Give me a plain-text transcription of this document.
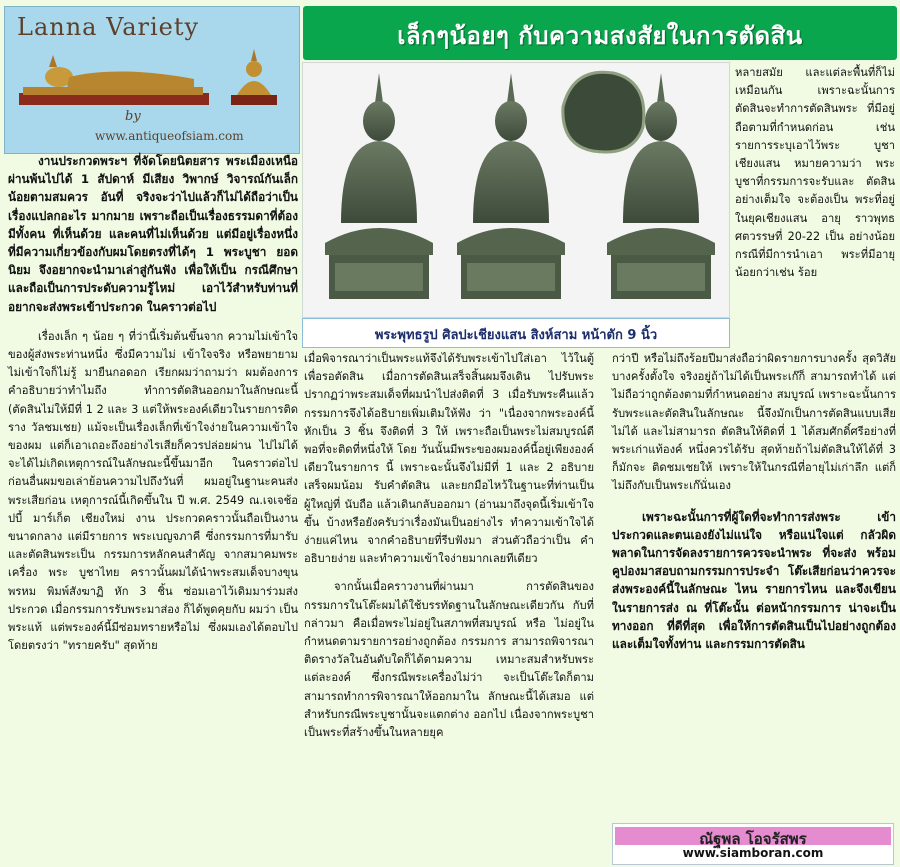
Lanna Variety
by
www.antiqueofsiam.com
เล็กๆน้อยๆ กับความสงสัยในการตัดสิน
พระพุทธรูป ศิลปะเชียงแสน สิงห์สาม หน้าตัก 9 นิ้ว

งานประกวดพระฯ ที่จัดโดยนิตยสาร พระเมืองเหนือผ่านพ้นไปได้ 1 สัปดาห์ มีเสียง วิพากษ์ วิจารณ์กันเล็กน้อยตามสมควร อันที่ จริงจะว่าไปแล้วก็ไม่ได้ถือว่าเป็นเรื่องแปลกอะไร มากมาย เพราะถือเป็นเรื่องธรรมดาที่ต้องมีทั้งคน ที่เห็นด้วย และคนที่ไม่เห็นด้วย แต่มีอยู่เรื่องหนึ่ง ที่มีความเกี่ยวข้องกับผมโดยตรงที่ได้ๆ 1 พระบูชา ยอดนิยม จึงอยากจะนำมาเล่าสู่กันฟัง เพื่อให้เป็น กรณีศึกษา และถือเป็นการประดับความรู้ไหม่ เอาไว้สำหรับท่านที่อยากจะส่งพระเข้าประกวด ในคราวต่อไป

เรื่องเล็ก ๆ น้อย ๆ ที่ว่านี้เริ่มต้นขึ้นจาก ความไม่เข้าใจของผู้ส่งพระท่านหนึ่ง ซึ่งมีความไม่ เข้าใจจริง หรือพยายามไม่เข้าใจก็ไม่รู้ มายืนกอดอก เรียกผมว่าถามว่า ผมต้องการคำอธิบายว่าทำไมถึง ทำการตัดสินออกมาในลักษณะนี้ (ตัดสินไม่ให้มีที่ 1 2 และ 3 แต่ให้พระองค์เดียวในรายการติดราง วัลชมเชย) แม้จะเป็นเรื่องเล็กที่เข้าใจง่ายในความเข้าใจ ของผม แต่ก็เอาเถอะถึงอย่างไรเสียก็ควรปล่อยผ่าน ไปไม่ได้ จะได้ไม่เกิดเหตุการณ์ในลักษณะนี้ขึ้นมาอีก ในคราวต่อไป ก่อนอื่นผมขอเล่าย้อนความไปถึงวันที่ ผมอยู่ในฐานะคนส่งพระเสียก่อน เหตุการณ์นี้เกิดขึ้นใน ปี พ.ศ. 2549 ณ.เจเจช้อปบี้ มาร์เก็ต เชียงใหม่ งาน ประกวดคราวนั้นถือเป็นงานขนาดกลาง แต่มีรายการ พระเบญจภาคี ซึ่งกรรมการที่มารับและตัดสินพระเป็น กรรมการหลักคนสำคัญ จากสมาคมพระเครื่อง พระ บูชาไทย คราวนั้นผมได้นำพระสมเด็จบางขุนพรหม พิมพ์สังฆาฏิ หัก 3 ชิ้น ซ่อมเอาไว้เดิมมาร่วมส่ง ประกวด เมื่อกรรมการรับพระมาส่อง ก็ได้พูดคุยกับ ผมว่า เป็นพระแท้ แต่พระองค์นี้มีซ่อมทรายหรือไม่ ซึ่งผมเองได้ตอบไปโดยตรงว่า "ทรายครับ" สุดท้าย

หลายสมัย และแต่ละพื้นที่ก็ไม่ เหมือนกัน เพราะฉะนั้นการ ตัดสินจะทำการตัดสินพระ ที่มีอยู่ถือตามที่กำหนดก่อน เช่น รายการระบุเอาไว้พระ บูชาเชียงแสน หมายความว่า พระบูชาที่กรรมการจะรับและ ตัดสินอย่างเต็มใจ จะต้องเป็น พระที่อยู่ในยุคเชียงแสน อายุ ราวพุทธศตวรรษที่ 20-22 เป็น อย่างน้อย กรณีที่มีการนำเอา พระที่มีอายุน้อยกว่าเช่น ร้อย

เมื่อพิจารณาว่าเป็นพระแท้จึงได้รับพระเข้าไปใส่เอา ไว้ในตู้เพื่อรอตัดสิน เมื่อการตัดสินเสร็จสิ้นผมจึงเดิน ไปรับพระ ปรากฏว่าพระสมเด็จที่ผมนำไปส่งติดที่ 3 เมื่อรับพระคืนแล้ว กรรมการจึงได้อธิบายเพิ่มเติมให้ฟัง ว่า "เนื่องจากพระองค์นี้หักเป็น 3 ชิ้น จึงติดที่ 3 ให้ เพราะถือเป็นพระไม่สมบูรณ์ดีพอที่จะติดที่หนึ่งให้ โดย วันนั้นมีพระของผมองค์นี้อยู่เพียงองค์เดียวในรายการ นี้ เพราะฉะนั้นจึงไม่มีที่ 1 และ 2 อธิบายเสร็จผมน้อม รับคำตัดสิน และยกมือไหว้ในฐานะที่ท่านเป็นผู้ใหญ่ที่ นับถือ แล้วเดินกลับออกมา (อ่านมาถึงจุดนี้เริ่มเข้าใจขึ้น บ้างหรือยังครับว่าเรื่องมันเป็นอย่างไร ทำความเข้าใจได้ ง่ายแค่ไหน จากคำอธิบายที่รีบฟังมา ส่วนตัวถือว่าเป็น คำอธิบายง่าย และทำความเข้าใจง่ายมากเลยทีเดียว

จากนั้นเมื่อคราวงานที่ผ่านมา การตัดสินของ กรรมการในโต๊ะผมได้ใช้บรรทัดฐานในลักษณะเดียวกัน กับที่กล่าวมา คือเมื่อพระไม่อยู่ในสภาพที่สมบูรณ์ หรือ ไม่อยู่ในกำหนดตามรายการอย่างถูกต้อง กรรมการ สามารถพิจารณาติดรางวัลในอันดับใดก็ได้ตามความ เหมาะสมสำหรับพระแต่ละองค์ ซึ่งกรณีพระเครื่องไม่ว่า จะเป็นโต๊ะใดก็ตามสามารถทำการพิจารณาให้ออกมาใน ลักษณะนี้ได้เสมอ แต่สำหรับกรณีพระบูชานั้นจะแตกต่าง ออกไป เนื่องจากพระบูชาเป็นพระที่สร้างขึ้นในหลายยุค

กว่าปี หรือไม่ถึงร้อยปีมาส่งถือว่าผิดรายการบางครั้ง สุดวิสัย บางครั้งตั้งใจ จริงอยู่ถ้าไม่ได้เป็นพระเก๊ก็ สามารถทำได้ แต่ไม่ถือว่าถูกต้องตามที่กำหนดอย่าง สมบูรณ์ เพราะฉะนั้นการรับพระและตัดสินในลักษณะ นี้จึงมักเป็นการตัดสินแบบเสียไม่ได้ และไม่สามารถ ตัดสินให้ติดที่ 1 ได้สมศักดิ์ศรีอย่างที่พระเก่าแท้องค์ หนึ่งควรได้รับ สุดท้ายถ้าไม่ตัดสินให้ได้ที่ 3 ก็มักจะ ติดชมเชยให้ เพราะให้ในกรณีที่อายุไม่เก่าลึก แต่ก็ ไม่ถึงกับเป็นพระเก๊นั่นเอง

เพราะฉะนั้นการที่ผู้ใดที่จะทำการส่งพระ เข้าประกวดและตนเองยังไม่แน่ใจ หรือแน่ใจแต่ กลัวผิดพลาดในการจัดลงรายการควรจะนำพระ ที่จะส่ง พร้อมคูปองมาสอบถามกรรมการประจำ โต๊ะเสียก่อนว่าควรจะส่งพระองค์นี้ในลักษณะ ไหน รายการไหน และจึงเขียนในรายการส่ง ณ ที่โต๊ะนั้น ต่อหน้ากรรมการ น่าจะเป็นทางออก ที่ดีที่สุด เพื่อให้การตัดสินเป็นไปอย่างถูกต้อง และเต็มใจทั้งท่าน และกรรมการตัดสิน

ณัฐพล โอจรัสพร
www.siamboran.com
